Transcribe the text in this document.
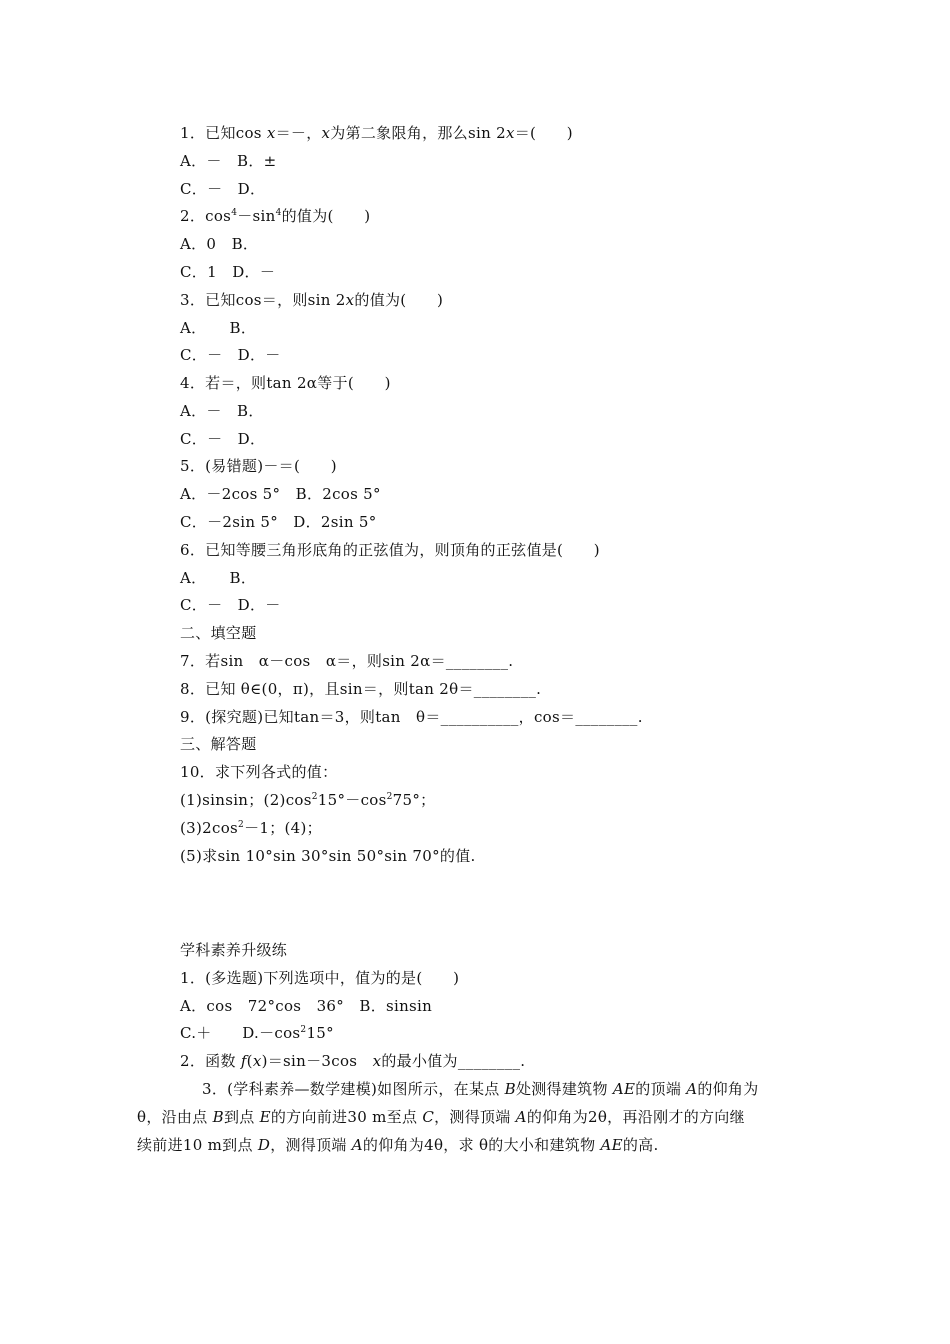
1．已知cos x＝－，x为第二象限角，那么sin 2x＝(　　)
A．－　B．±
C．－　D．
2．$\cos^4-\sin^4$的值为(　　)
A．0　B．
C．1　D．－
3．已知cos＝，则sin 2x的值为(　　)
A．　　B．
C．－　D．－
4．若＝，则tan 2α等于(　　)
A．－　B．
C．－　D．
5．(易错题)－＝(　　)
A．－2cos 5°　B．2cos 5°
C．－2sin 5°　D．2sin 5°
6．已知等腰三角形底角的正弦值为，则顶角的正弦值是(　　)
A．　　B．
C．－　D．－
二、填空题
7．若sin　α－cos　α＝，则sin 2α＝________.
8．已知 θ∈(0，π)，且sin＝，则tan 2θ＝________.
9．(探究题)已知tan＝3，则tan　θ＝__________，cos＝________.
三、解答题
10．求下列各式的值：
(1)sinsin；$(2)\cos^215^\circ-\cos^275^\circ$；
$(3)2\cos^2-1$；(4)；
(5)求sin 10°sin 30°sin 50°sin 70°的值.
学科素养升级练
1．(多选题)下列选项中，值为的是(　　)
A．cos　72°cos　36°　B．sinsin
C.＋　　$D.-\cos^215^\circ$
2．函数 f(x)＝sin－3cos　x的最小值为________.
3．(学科素养—数学建模)如图所示，在某点 B处测得建筑物 AE的顶端 A的仰角为
θ，沿由点 B到点 E的方向前进30 m至点 C，测得顶端 A的仰角为2θ，再沿刚才的方向继
续前进10 m到点 D，测得顶端 A的仰角为4θ，求 θ的大小和建筑物 AE的高.
